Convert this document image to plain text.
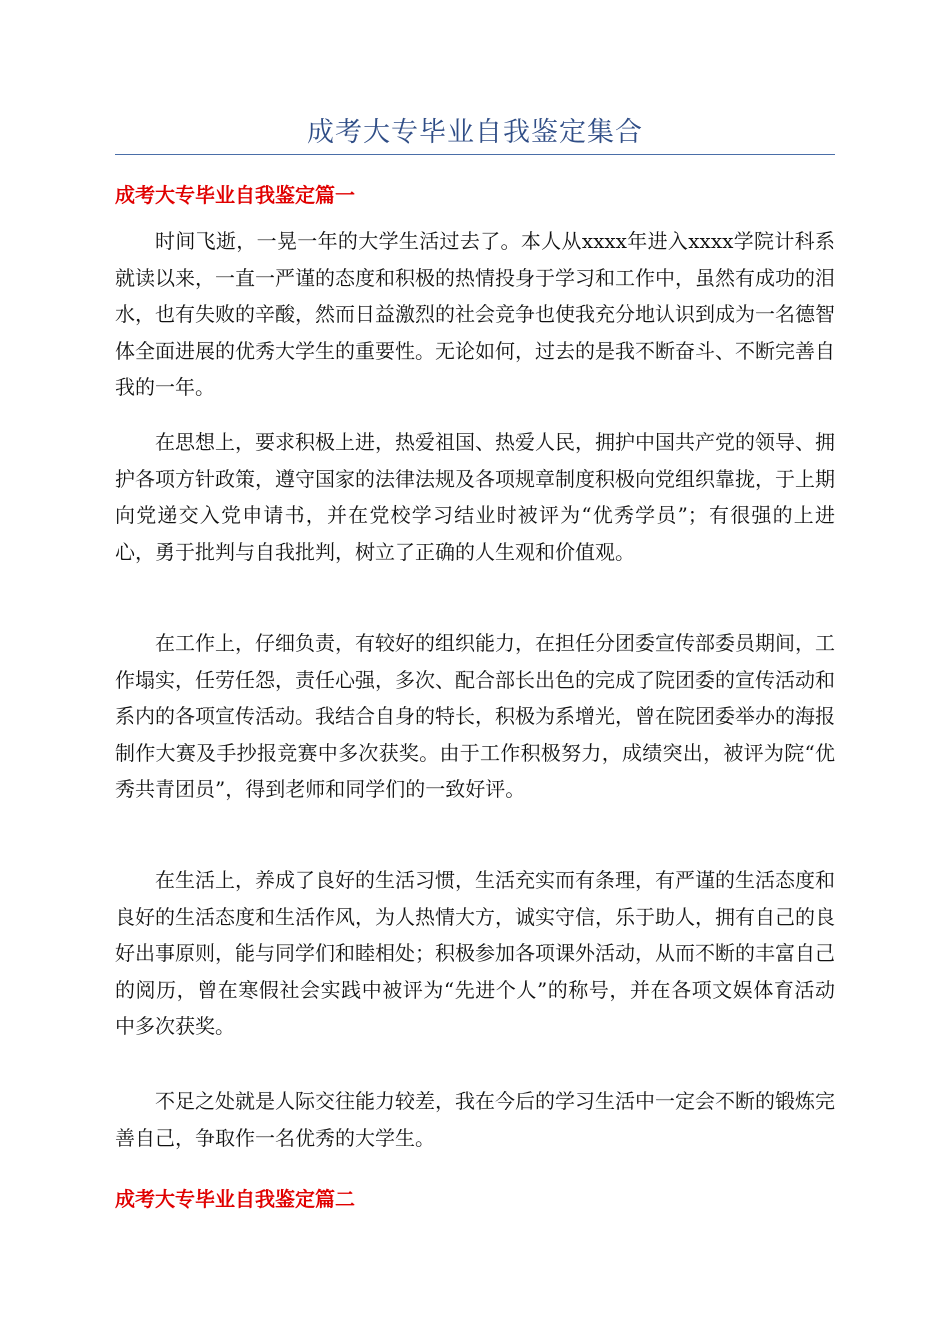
成考大专毕业自我鉴定集合
成考大专毕业自我鉴定篇一

时间飞逝，一晃一年的大学生活过去了。本人从xxxx年进入xxxx学院计科系就读以来，一直一严谨的态度和积极的热情投身于学习和工作中，虽然有成功的泪水，也有失败的辛酸，然而日益激烈的社会竞争也使我充分地认识到成为一名德智体全面进展的优秀大学生的重要性。无论如何，过去的是我不断奋斗、不断完善自我的一年。

在思想上，要求积极上进，热爱祖国、热爱人民，拥护中国共产党的领导、拥护各项方针政策，遵守国家的法律法规及各项规章制度积极向党组织靠拢，于上期向党递交入党申请书，并在党校学习结业时被评为“优秀学员”；有很强的上进心，勇于批判与自我批判，树立了正确的人生观和价值观。

在工作上，仔细负责，有较好的组织能力，在担任分团委宣传部委员期间，工作塌实，任劳任怨，责任心强，多次、配合部长出色的完成了院团委的宣传活动和系内的各项宣传活动。我结合自身的特长，积极为系增光，曾在院团委举办的海报制作大赛及手抄报竞赛中多次获奖。由于工作积极努力，成绩突出，被评为院“优秀共青团员”，得到老师和同学们的一致好评。

在生活上，养成了良好的生活习惯，生活充实而有条理，有严谨的生活态度和良好的生活态度和生活作风，为人热情大方，诚实守信，乐于助人，拥有自己的良好出事原则，能与同学们和睦相处；积极参加各项课外活动，从而不断的丰富自己的阅历，曾在寒假社会实践中被评为“先进个人”的称号，并在各项文娱体育活动中多次获奖。

不足之处就是人际交往能力较差，我在今后的学习生活中一定会不断的锻炼完善自己，争取作一名优秀的大学生。

成考大专毕业自我鉴定篇二
